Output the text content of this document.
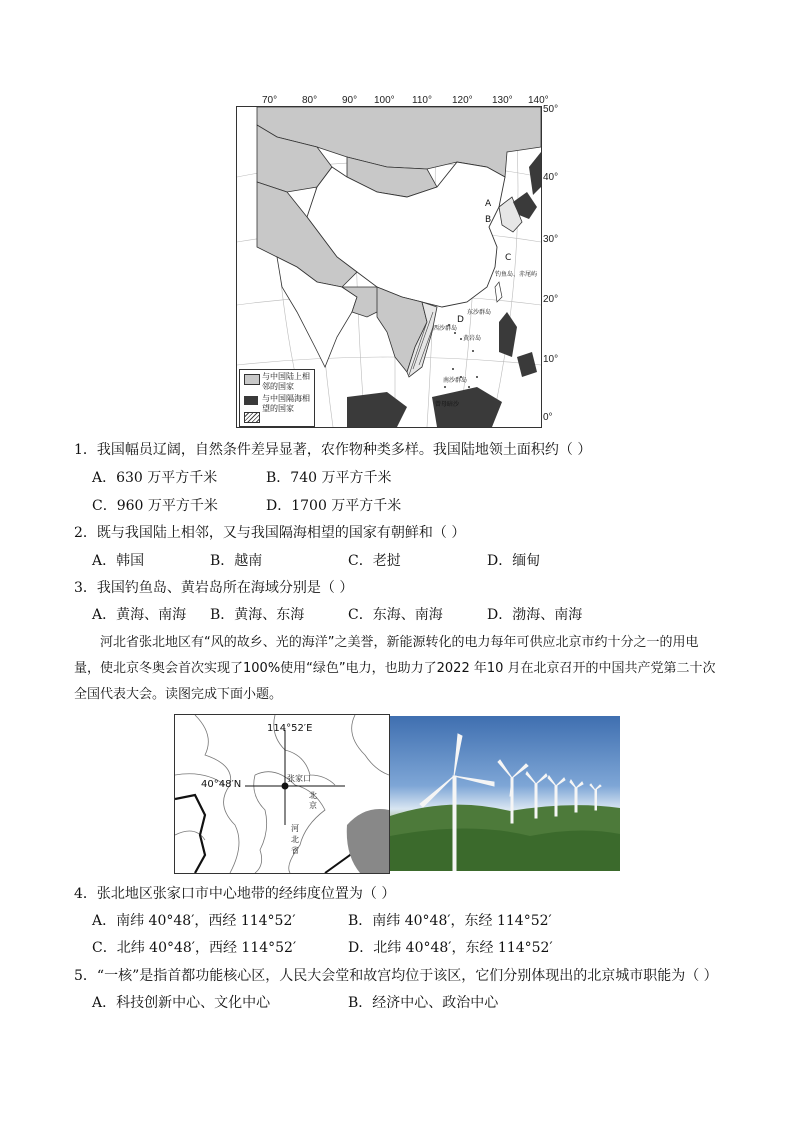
A
B
C
D
钓鱼岛、赤尾屿
东沙群岛
西沙群岛
黄岩岛
南沙群岛
曾母暗沙
与中国陆上相邻的国家
与中国隔海相望的国家
70° 80° 90° 100° 110° 120° 130° 140°
50°
40°
30°
20°
10°
0°
1．我国幅员辽阔，自然条件差异显著，农作物种类多样。我国陆地领土面积约（ ）
A．630 万平方千米	B．740 万平方千米
C．960 万平方千米	D．1700 万平方千米
2．既与我国陆上相邻，又与我国隔海相望的国家有朝鲜和（ ）
A．韩国	B．越南	C．老挝	D．缅甸
3．我国钓鱼岛、黄岩岛所在海域分别是（ ）
A．黄海、南海 B．黄海、东海	C．东海、南海	D．渤海、南海
河北省张北地区有“风的故乡、光的海洋”之美誉，新能源转化的电力每年可供应北京市约十分之一的用电量，使北京冬奥会首次实现了100%使用“绿色”电力，也助力了2022 年10 月在北京召开的中国共产党第二十次全国代表大会。读图完成下面小题。
114°52′E
40°48′N
张家口
北
京
河
北
省
4．张北地区张家口市中心地带的经纬度位置为（ ）
A．南纬 40°48′，西经 114°52′	B．南纬 40°48′，东经 114°52′
C．北纬 40°48′，西经 114°52′	D．北纬 40°48′，东经 114°52′
5．“一核”是指首都功能核心区，人民大会堂和故宫均位于该区，它们分别体现出的北京城市职能为（ ）
A．科技创新中心、文化中心	B．经济中心、政治中心
